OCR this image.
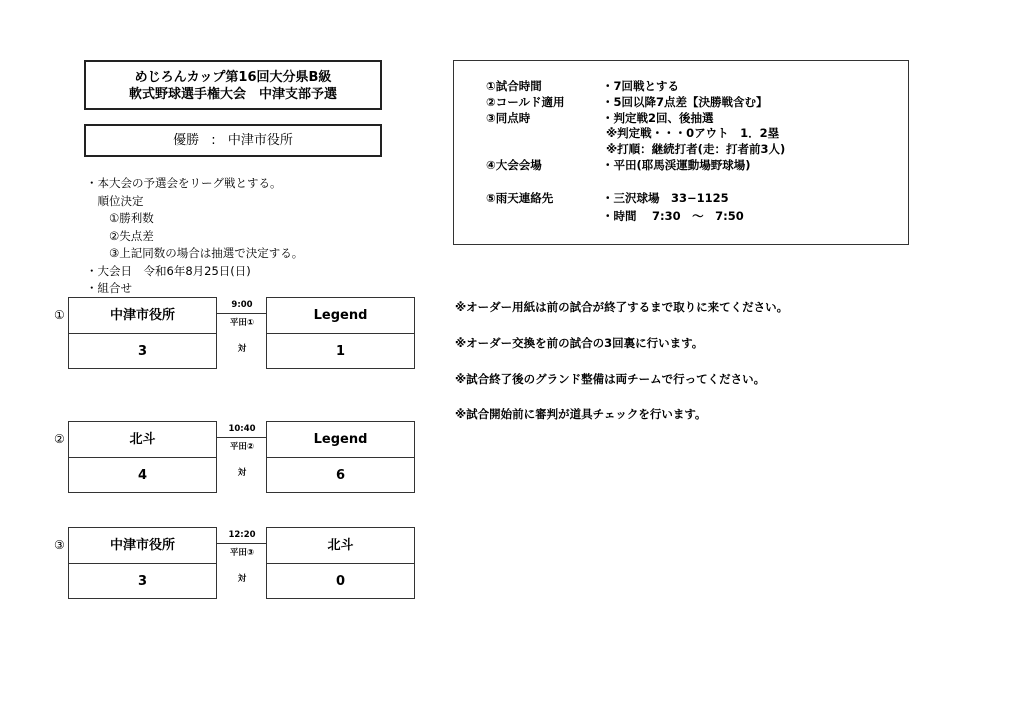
めじろんカップ第16回大分県B級
軟式野球選手権大会　中津支部予選
優勝 : 中津市役所
・本大会の予選会をリーグ戦とする。
　順位決定
　　①勝利数
　　②失点差
　　③上記同数の場合は抽選で決定する。
・大会日　令和6年8月25日(日)
・組合せ
①試合時間	・7回戦とする
②コールド適用	・5回以降7点差【決勝戦含む】
③同点時	・判定戦2回、後抽選
※判定戦・・・0アウト　1．2塁
※打順：継続打者(走：打者前3人)
④大会会場	・平田(耶馬渓運動場野球場)
⑤雨天連絡先	・三沢球場　33−1125
・時間　 7:30　～　7:50
①	中津市役所
3
9:00
平田①
対
Legend
1
②	北斗
4
10:40
平田②
対
Legend
6
③	中津市役所
3
12:20
平田③
対
北斗
0
※オーダー用紙は前の試合が終了するまで取りに来てください。
※オーダー交換を前の試合の3回裏に行います。
※試合終了後のグランド整備は両チームで行ってください。
※試合開始前に審判が道具チェックを行います。
